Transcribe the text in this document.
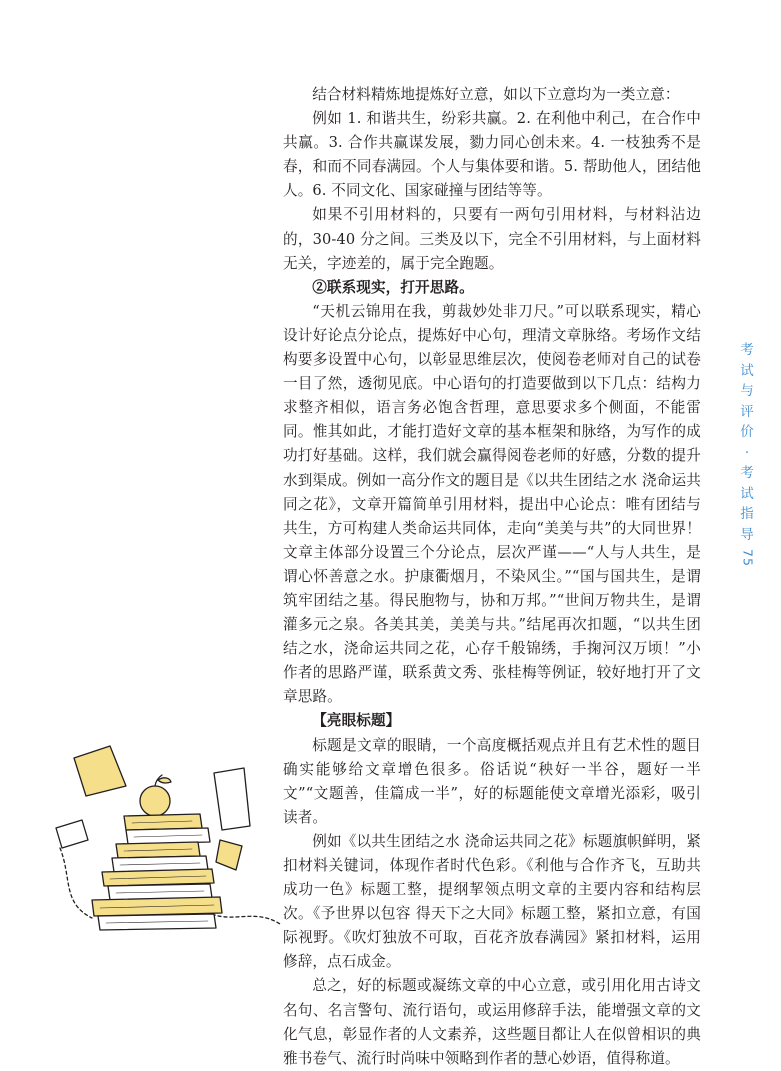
结合材料精炼地提炼好立意，如以下立意均为一类立意：

例如 1. 和谐共生，纷彩共赢。2. 在利他中利己，在合作中共赢。3. 合作共赢谋发展，勠力同心创未来。4. 一枝独秀不是春，和而不同春满园。个人与集体要和谐。5. 帮助他人，团结他人。6. 不同文化、国家碰撞与团结等等。

如果不引用材料的，只要有一两句引用材料，与材料沾边的，30-40 分之间。三类及以下，完全不引用材料，与上面材料无关，字迹差的，属于完全跑题。

②联系现实，打开思路。

“天机云锦用在我，剪裁妙处非刀尺。”可以联系现实，精心设计好论点分论点，提炼好中心句，理清文章脉络。考场作文结构要多设置中心句，以彰显思维层次，使阅卷老师对自己的试卷一目了然，透彻见底。中心语句的打造要做到以下几点：结构力求整齐相似，语言务必饱含哲理，意思要求多个侧面，不能雷同。惟其如此，才能打造好文章的基本框架和脉络，为写作的成功打好基础。这样，我们就会赢得阅卷老师的好感，分数的提升水到渠成。例如一高分作文的题目是《以共生团结之水 浇命运共同之花》，文章开篇简单引用材料，提出中心论点：唯有团结与共生，方可构建人类命运共同体，走向“美美与共”的大同世界！文章主体部分设置三个分论点，层次严谨——“人与人共生，是谓心怀善意之水。护康衢烟月，不染风尘。”“国与国共生，是谓筑牢团结之基。得民胞物与，协和万邦。”“世间万物共生，是谓灌多元之泉。各美其美，美美与共。”结尾再次扣题，“以共生团结之水，浇命运共同之花，心存千般锦绣，手掬河汉万顷！”小作者的思路严谨，联系黄文秀、张桂梅等例证，较好地打开了文章思路。

【亮眼标题】

标题是文章的眼睛，一个高度概括观点并且有艺术性的题目确实能够给文章增色很多。俗话说“秧好一半谷，题好一半文”“文题善，佳篇成一半”，好的标题能使文章增光添彩，吸引读者。

例如《以共生团结之水 浇命运共同之花》标题旗帜鲜明，紧扣材料关键词，体现作者时代色彩。《利他与合作齐飞，互助共成功一色》标题工整，提纲挈领点明文章的主要内容和结构层次。《予世界以包容 得天下之大同》标题工整，紧扣立意，有国际视野。《吹灯独放不可取，百花齐放春满园》紧扣材料，运用修辞，点石成金。

总之，好的标题或凝练文章的中心立意，或引用化用古诗文名句、名言警句、流行语句，或运用修辞手法，能增强文章的文化气息，彰显作者的人文素养，这些题目都让人在似曾相识的典雅书卷气、流行时尚味中领略到作者的慧心妙语，值得称道。

考
试
与
评
价
·
考
试
指
导
75
